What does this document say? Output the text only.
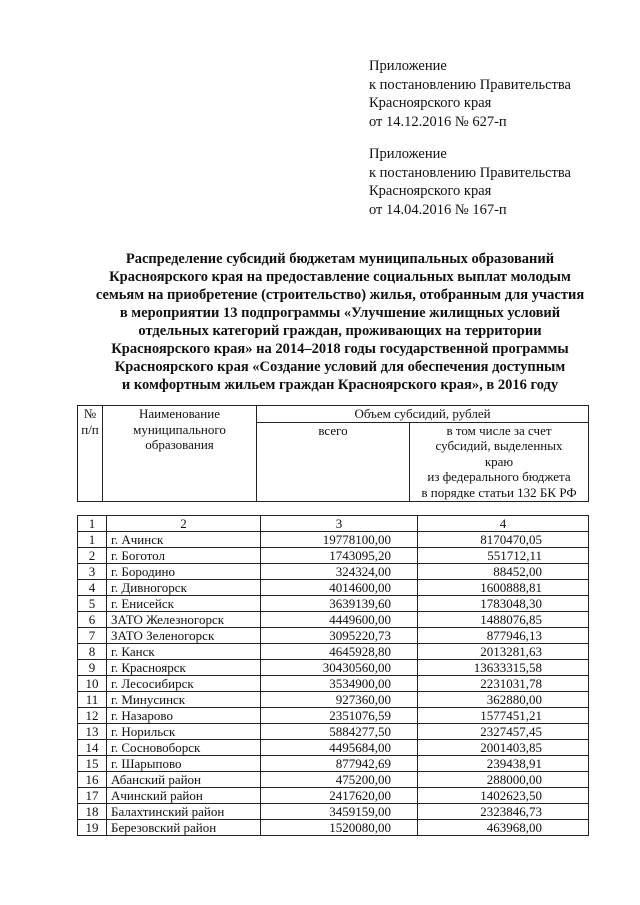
Приложение
к постановлению Правительства
Красноярского края
от 14.12.2016 № 627-п
Приложение
к постановлению Правительства
Красноярского края
от 14.04.2016 № 167-п
Распределение субсидий бюджетам муниципальных образований
Красноярского края на предоставление социальных выплат молодым
семьям на приобретение (строительство) жилья, отобранным для участия
в мероприятии 13 подпрограммы «Улучшение жилищных условий
отдельных категорий граждан, проживающих на территории
Красноярского края» на 2014–2018 годы государственной программы
Красноярского края «Создание условий для обеспечения доступным
и комфортным жильем граждан Красноярского края», в 2016 году
№ п/п	Наименование муниципального образования	Объем субсидий, рублей	
		всего	в том числе за счет
субсидий, выделенных
краю
из федерального бюджета
в порядке статьи 132 БК РФ
1	2	3	4
1	г. Ачинск	19778100,00	8170470,05
2	г. Боготол	1743095,20	551712,11
3	г. Бородино	324324,00	88452,00
4	г. Дивногорск	4014600,00	1600888,81
5	г. Енисейск	3639139,60	1783048,30
6	ЗАТО Железногорск	4449600,00	1488076,85
7	ЗАТО Зеленогорск	3095220,73	877946,13
8	г. Канск	4645928,80	2013281,63
9	г. Красноярск	30430560,00	13633315,58
10	г. Лесосибирск	3534900,00	2231031,78
11	г. Минусинск	927360,00	362880,00
12	г. Назарово	2351076,59	1577451,21
13	г. Норильск	5884277,50	2327457,45
14	г. Сосновоборск	4495684,00	2001403,85
15	г. Шарыпово	877942,69	239438,91
16	Абанский район	475200,00	288000,00
17	Ачинский район	2417620,00	1402623,50
18	Балахтинский район	3459159,00	2323846,73
19	Березовский район	1520080,00	463968,00
